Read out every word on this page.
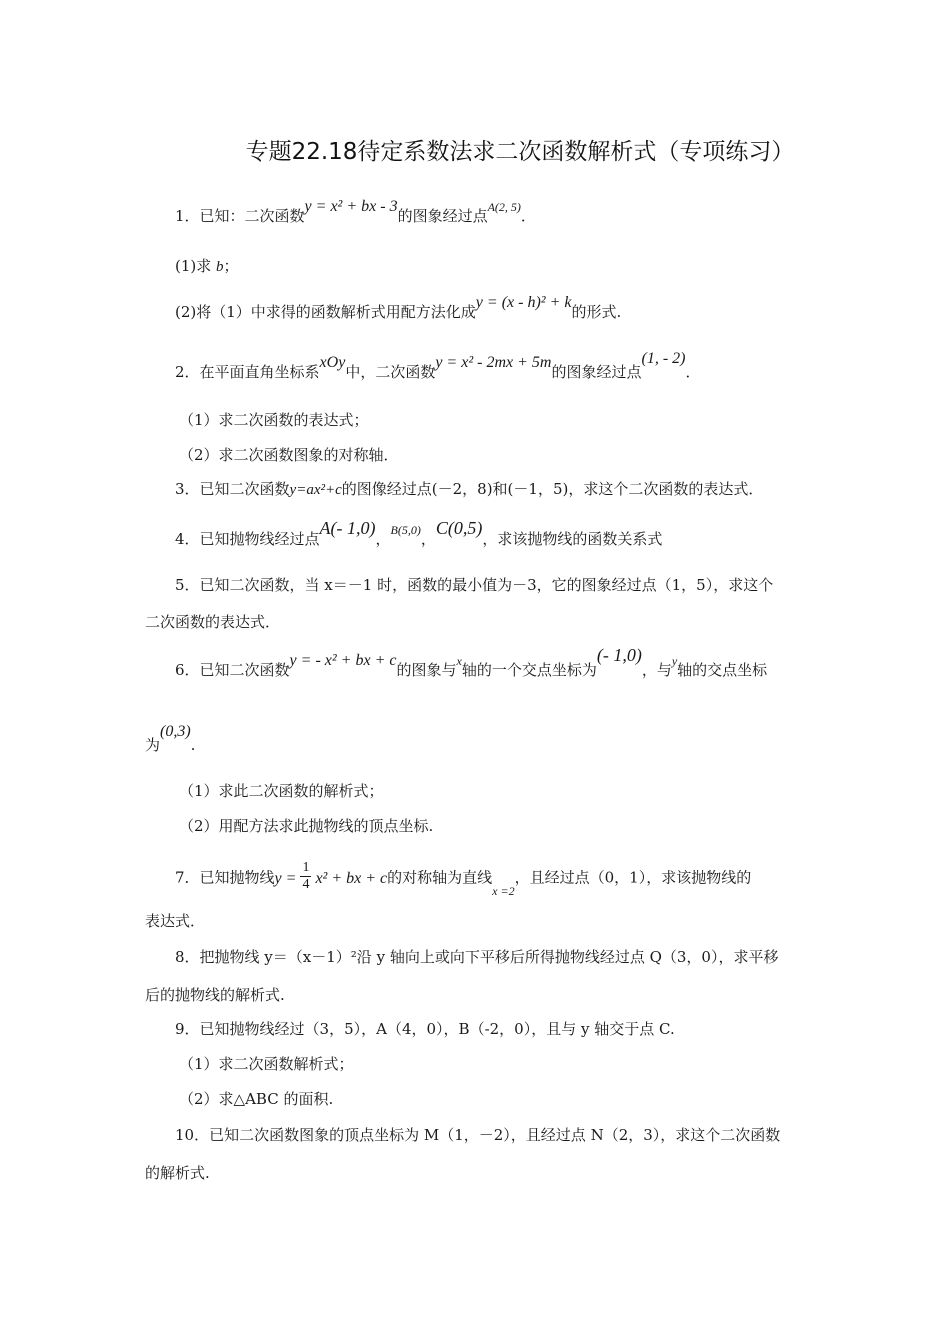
专题22.18待定系数法求二次函数解析式（专项练习）
1．已知：二次函数y = x² + bx - 3的图象经过点$^{A(2, 5)}$．
(1)求 b；
(2)将（1）中求得的函数解析式用配方法化成y = (x - h)² + k的形式.
2．在平面直角坐标系xOy中，二次函数y = x² - 2mx + 5m的图象经过点(1, - 2)．
（1）求二次函数的表达式；
（2）求二次函数图象的对称轴．
3．已知二次函数y=ax²+c的图像经过点(－2，8)和(－1，5)，求这个二次函数的表达式．
4．已知抛物线经过点A(- 1,0)，$^{B(5,0)}$，C(0,5)，求该抛物线的函数关系式
5．已知二次函数，当 x＝－1 时，函数的最小值为－3，它的图象经过点（1，5），求这个
二次函数的表达式．
6．已知二次函数y = - x² + bx + c的图象与$^x$轴的一个交点坐标为(- 1,0)，与$^y$轴的交点坐标
为(0,3).
（1）求此二次函数的解析式；
（2）用配方法求此抛物线的顶点坐标.
7．已知抛物线$y = \frac{1}{4} x^2$ + bx + c的对称轴为直线$_{x =2}$，且经过点（0，1），求该抛物线的
表达式．
8．把抛物线 y＝（x－1）²沿 y 轴向上或向下平移后所得抛物线经过点 Q（3，0），求平移
后的抛物线的解析式.
9．已知抛物线经过（3，5），A（4，0），B（-2，0），且与 y 轴交于点 C.
（1）求二次函数解析式；
（2）求△ABC 的面积.
10．已知二次函数图象的顶点坐标为 M（1，－2），且经过点 N（2，3），求这个二次函数
的解析式.
